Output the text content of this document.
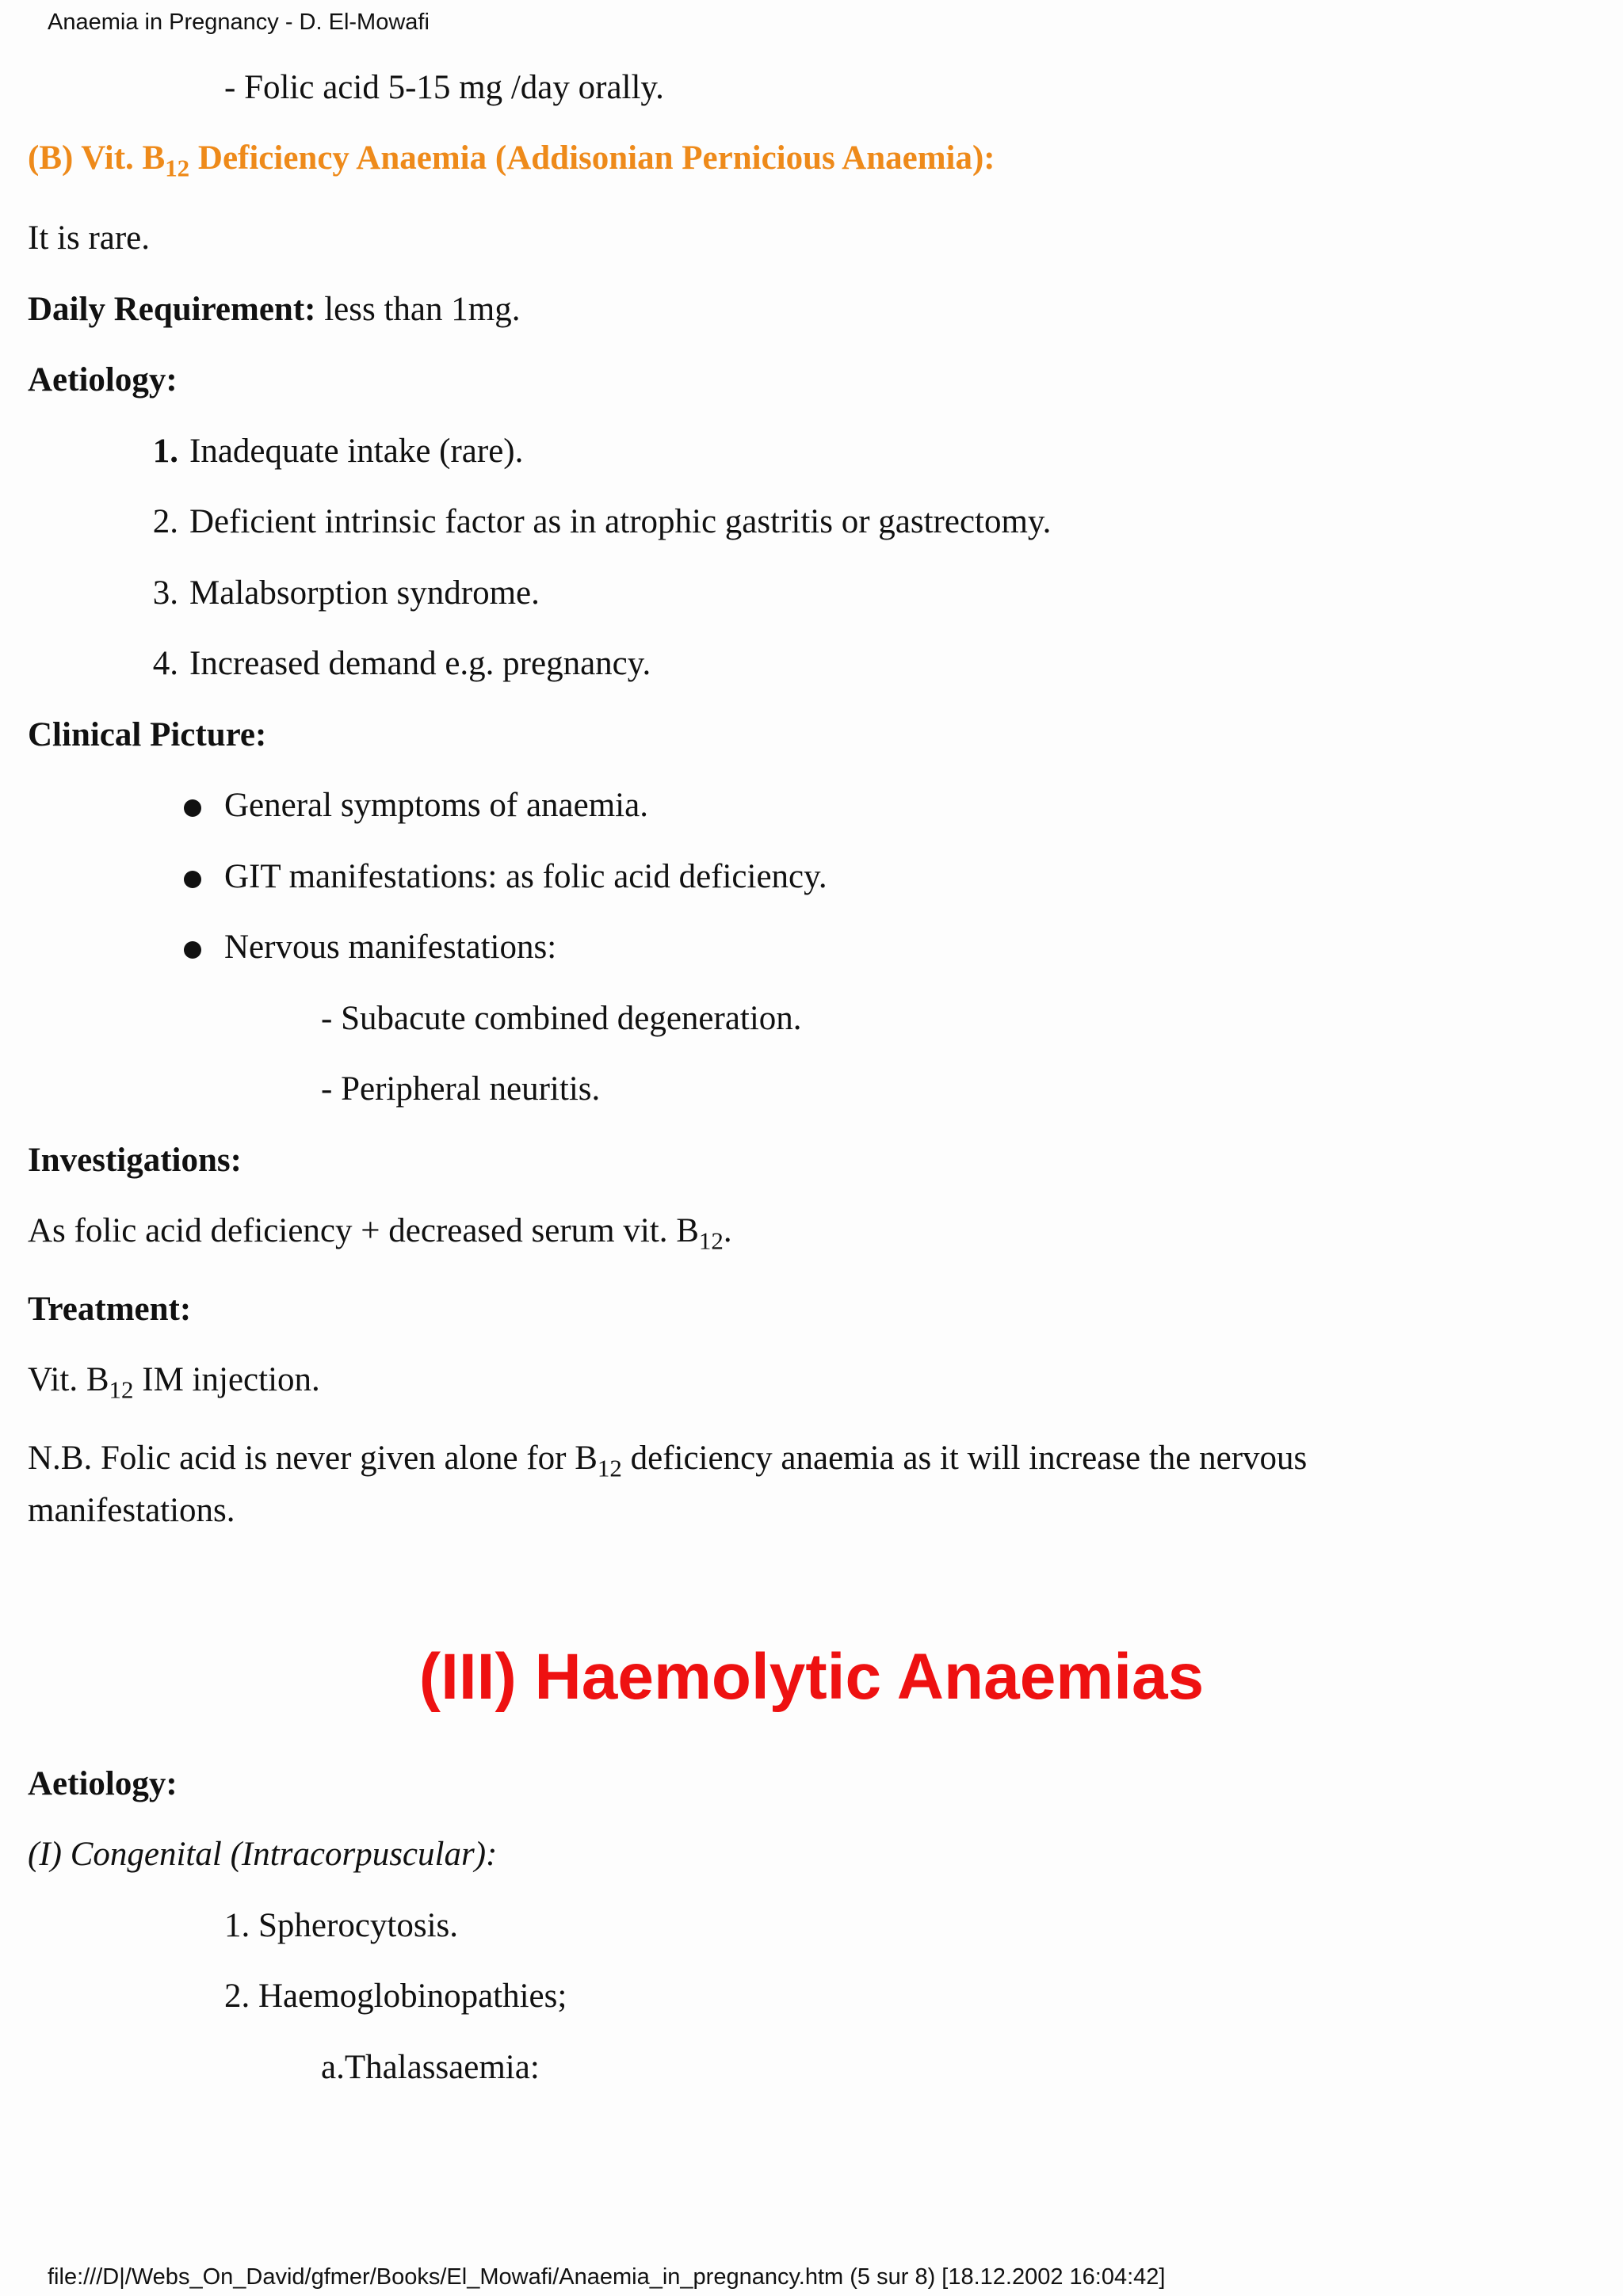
Anaemia in Pregnancy - D. El-Mowafi
- Folic acid 5-15 mg /day orally.
(B) Vit. $B_{12}$ Deficiency Anaemia (Addisonian Pernicious Anaemia):
It is rare.
Daily Requirement: less than 1mg.
Aetiology:
1. Inadequate intake (rare).
2. Deficient intrinsic factor as in atrophic gastritis or gastrectomy.
3. Malabsorption syndrome.
4. Increased demand e.g. pregnancy.
Clinical Picture:
General symptoms of anaemia.
GIT manifestations: as folic acid deficiency.
Nervous manifestations:
- Subacute combined degeneration.
- Peripheral neuritis.
Investigations:
As folic acid deficiency + decreased serum vit. $B_{12}$.
Treatment:
Vit. $B_{12}$ IM injection.
N.B. Folic acid is never given alone for $B_{12}$ deficiency anaemia as it will increase the nervous
manifestations.
(III) Haemolytic Anaemias
Aetiology:
(I) Congenital (Intracorpuscular):
1. Spherocytosis.
2. Haemoglobinopathies;
a.Thalassaemia:
file:///D|/Webs_On_David/gfmer/Books/El_Mowafi/Anaemia_in_pregnancy.htm (5 sur 8) [18.12.2002 16:04:42]
